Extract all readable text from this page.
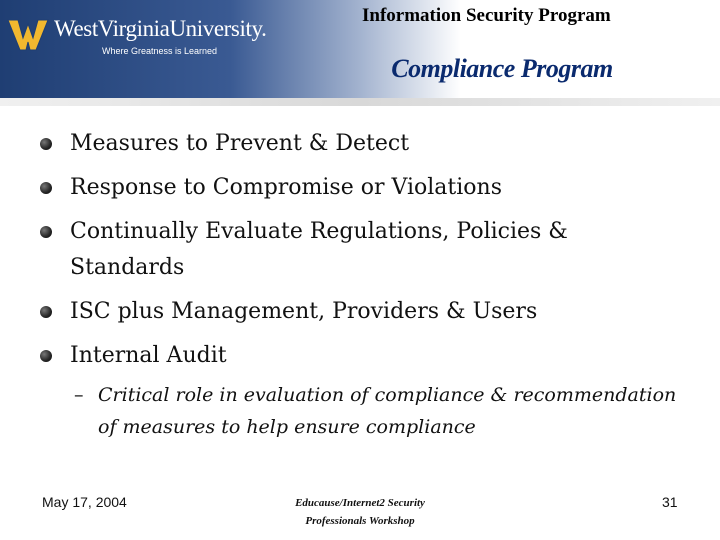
WestVirginiaUniversity.
Where Greatness is Learned
Information Security Program
Compliance Program
Measures to Prevent & Detect
Response to Compromise or Violations
Continually Evaluate Regulations, Policies & Standards
ISC plus Management, Providers & Users
Internal Audit
– Critical role in evaluation of compliance & recommendation of measures to help ensure compliance
May 17, 2004	Educause/Internet2 Security
Professionals Workshop
31
